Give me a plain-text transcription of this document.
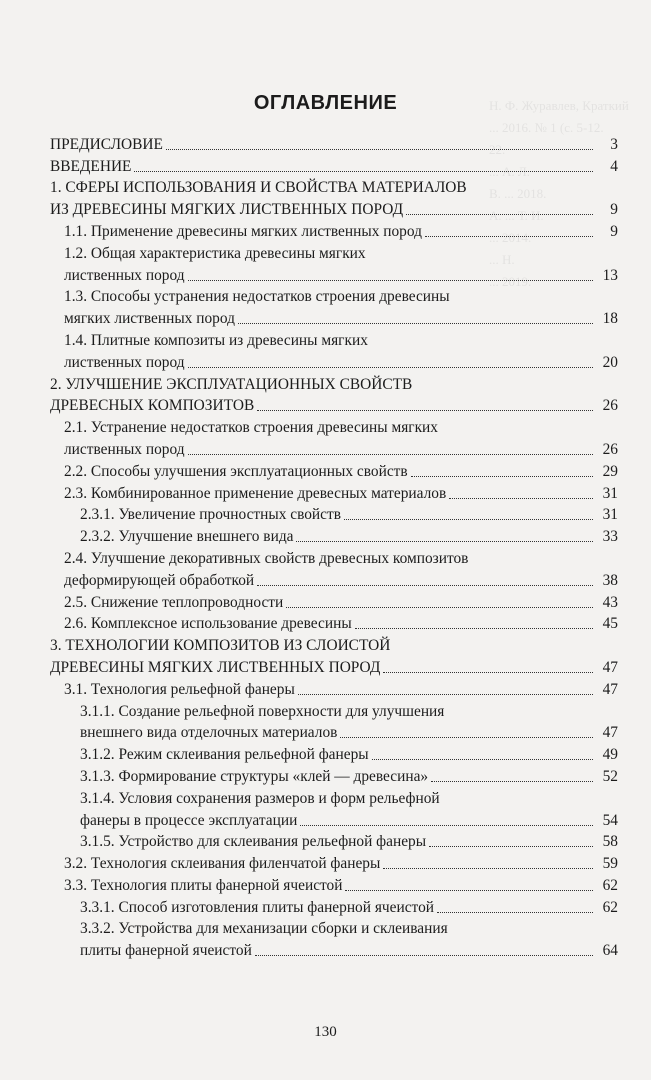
Н. Ф. Журавлев, Краткий ... 2016. № 1 (с. 5-12.
22.
... А. Л.
В. ... 2018.
А. ... Т. И.
... 2014.
... Н.
... 2019.
ОГЛАВЛЕНИЕ
ПРЕДИСЛОВИЕ	3
ВВЕДЕНИЕ	4
1. СФЕРЫ ИСПОЛЬЗОВАНИЯ И СВОЙСТВА МАТЕРИАЛОВ
ИЗ ДРЕВЕСИНЫ МЯГКИХ ЛИСТВЕННЫХ ПОРОД	9
1.1. Применение древесины мягких лиственных пород	9
1.2. Общая характеристика древесины мягких
лиственных пород	13
1.3. Способы устранения недостатков строения древесины
мягких лиственных пород	18
1.4. Плитные композиты из древесины мягких
лиственных пород	20
2. УЛУЧШЕНИЕ ЭКСПЛУАТАЦИОННЫХ СВОЙСТВ
ДРЕВЕСНЫХ КОМПОЗИТОВ	26
2.1. Устранение недостатков строения древесины мягких
лиственных пород	26
2.2. Способы улучшения эксплуатационных свойств	29
2.3. Комбинированное применение древесных материалов	31
2.3.1. Увеличение прочностных свойств	31
2.3.2. Улучшение внешнего вида	33
2.4. Улучшение декоративных свойств древесных композитов
деформирующей обработкой	38
2.5. Снижение теплопроводности	43
2.6. Комплексное использование древесины	45
3. ТЕХНОЛОГИИ КОМПОЗИТОВ ИЗ СЛОИСТОЙ
ДРЕВЕСИНЫ МЯГКИХ ЛИСТВЕННЫХ ПОРОД	47
3.1. Технология рельефной фанеры	47
3.1.1. Создание рельефной поверхности для улучшения
внешнего вида отделочных материалов	47
3.1.2. Режим склеивания рельефной фанеры	49
3.1.3. Формирование структуры «клей — древесина»	52
3.1.4. Условия сохранения размеров и форм рельефной
фанеры в процессе эксплуатации	54
3.1.5. Устройство для склеивания рельефной фанеры	58
3.2. Технология склеивания филенчатой фанеры	59
3.3. Технология плиты фанерной ячеистой	62
3.3.1. Способ изготовления плиты фанерной ячеистой	62
3.3.2. Устройства для механизации сборки и склеивания
плиты фанерной ячеистой	64
130
